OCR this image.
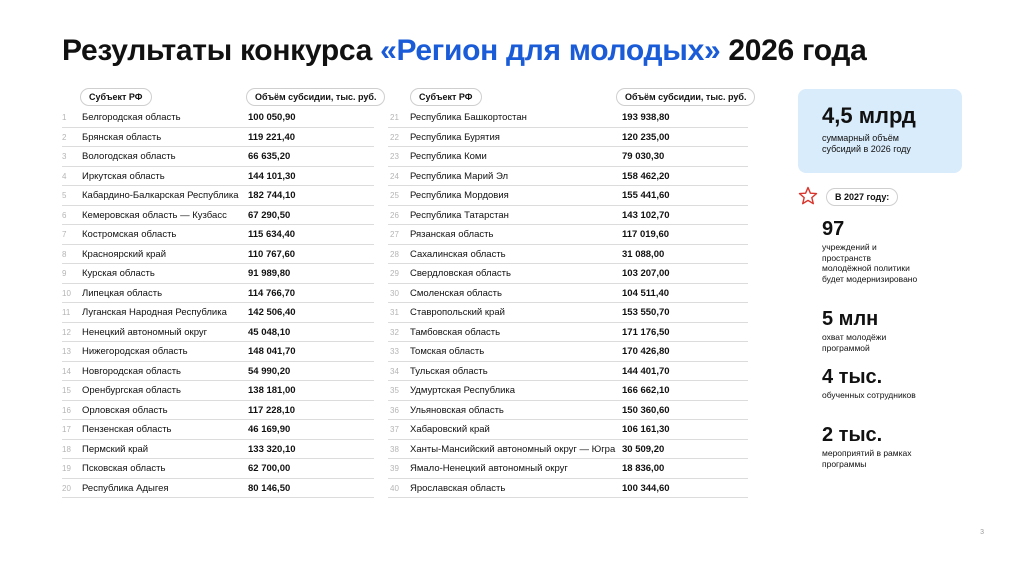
Результаты конкурса «Регион для молодых» 2026 года
Субъект РФ	Объём субсидии, тыс. руб.
1 Белгородская область	100 050,90
2 Брянская область	119 221,40
3 Вологодская область	66 635,20
4 Иркутская область	144 101,30
5 Кабардино-Балкарская Республика 182 744,10
6 Кемеровская область — Кузбасс 67 290,50
7 Костромская область	115 634,40
8 Красноярский край	110 767,60
9 Курская область	91 989,80
10 Липецкая область	114 766,70
11 Луганская Народная Республика 142 506,40
12 Ненецкий автономный округ	45 048,10
13 Нижегородская область	148 041,70
14 Новгородская область	54 990,20
15 Оренбургская область	138 181,00
16 Орловская область	117 228,10
17 Пензенская область	46 169,90
18 Пермский край	133 320,10
19 Псковская область	62 700,00
20 Республика Адыгея	80 146,50
Субъект РФ	Объём субсидии, тыс. руб.
21 Республика Башкортостан	193 938,80
22 Республика Бурятия	120 235,00
23 Республика Коми	79 030,30
24 Республика Марий Эл	158 462,20
25 Республика Мордовия	155 441,60
26 Республика Татарстан	143 102,70
27 Рязанская область	117 019,60
28 Сахалинская область	31 088,00
29 Свердловская область	103 207,00
30 Смоленская область	104 511,40
31 Ставропольский край	153 550,70
32 Тамбовская область	171 176,50
33 Томская область	170 426,80
34 Тульская область	144 401,70
35 Удмуртская Республика	166 662,10
36 Ульяновская область	150 360,60
37 Хабаровский край	106 161,30
38 Ханты-Мансийский автономный округ — Югра 30 509,20
39 Ямало-Ненецкий автономный округ	18 836,00
40 Ярославская область	100 344,60
4,5 млрд
суммарный объём субсидий в 2026 году
В 2027 году:
97
учреждений и пространств молодёжной политики будет модернизировано
5 млн
охват молодёжи программой
4 тыс.
обученных сотрудников
2 тыс.
мероприятий в рамках программы
3
